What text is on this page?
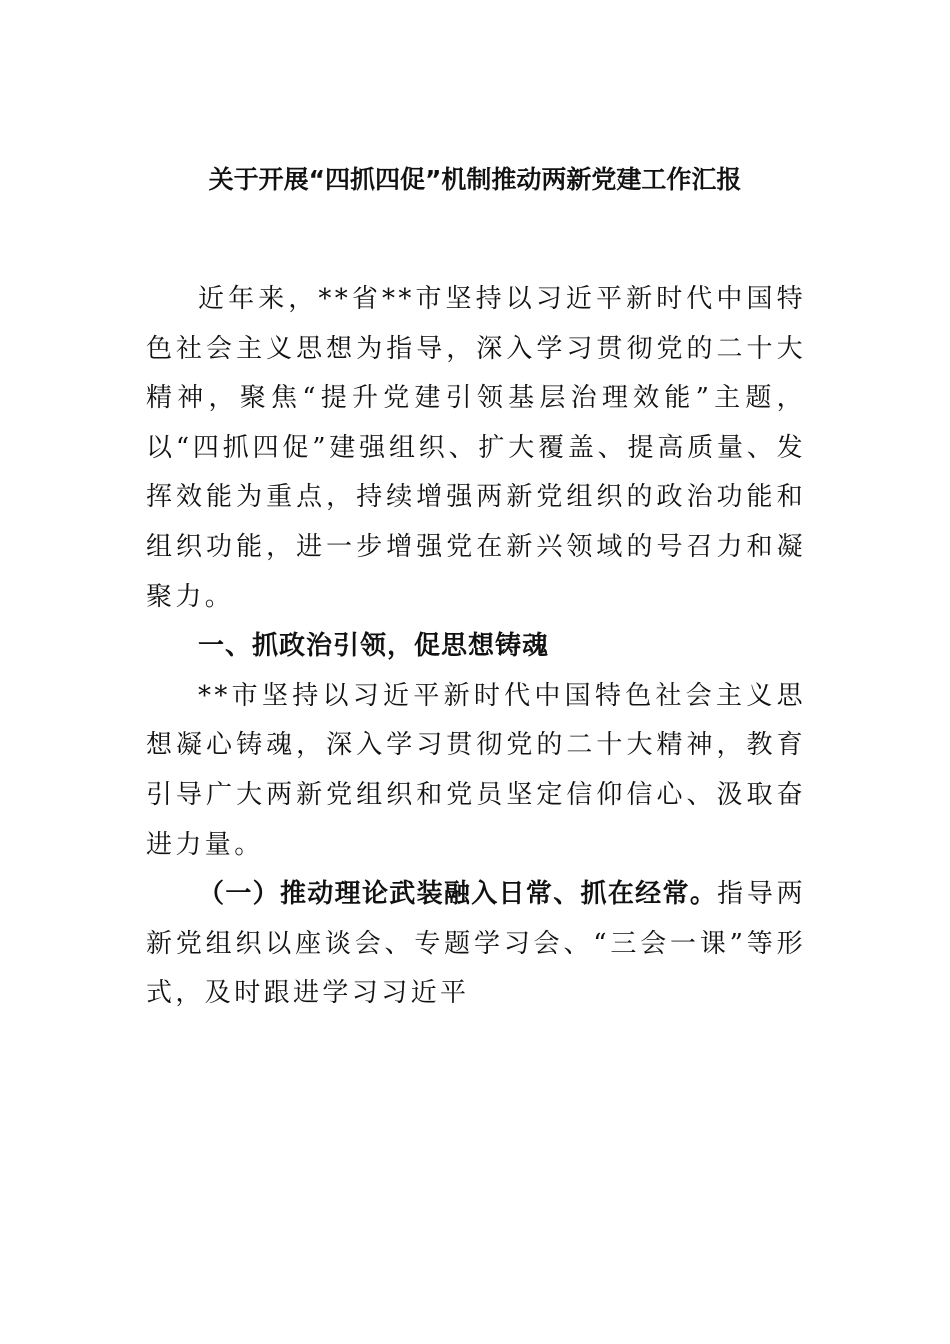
关于开展“四抓四促”机制推动两新党建工作汇报

近年来，**省**市坚持以习近平新时代中国特色社会主义思想为指导，深入学习贯彻党的二十大精神，聚焦“提升党建引领基层治理效能”主题，以“四抓四促”建强组织、扩大覆盖、提高质量、发挥效能为重点，持续增强两新党组织的政治功能和组织功能，进一步增强党在新兴领域的号召力和凝聚力。

一、抓政治引领，促思想铸魂

**市坚持以习近平新时代中国特色社会主义思想凝心铸魂，深入学习贯彻党的二十大精神，教育引导广大两新党组织和党员坚定信仰信心、汲取奋进力量。

（一）推动理论武装融入日常、抓在经常。指导两新党组织以座谈会、专题学习会、“三会一课”等形式，及时跟进学习习近平
